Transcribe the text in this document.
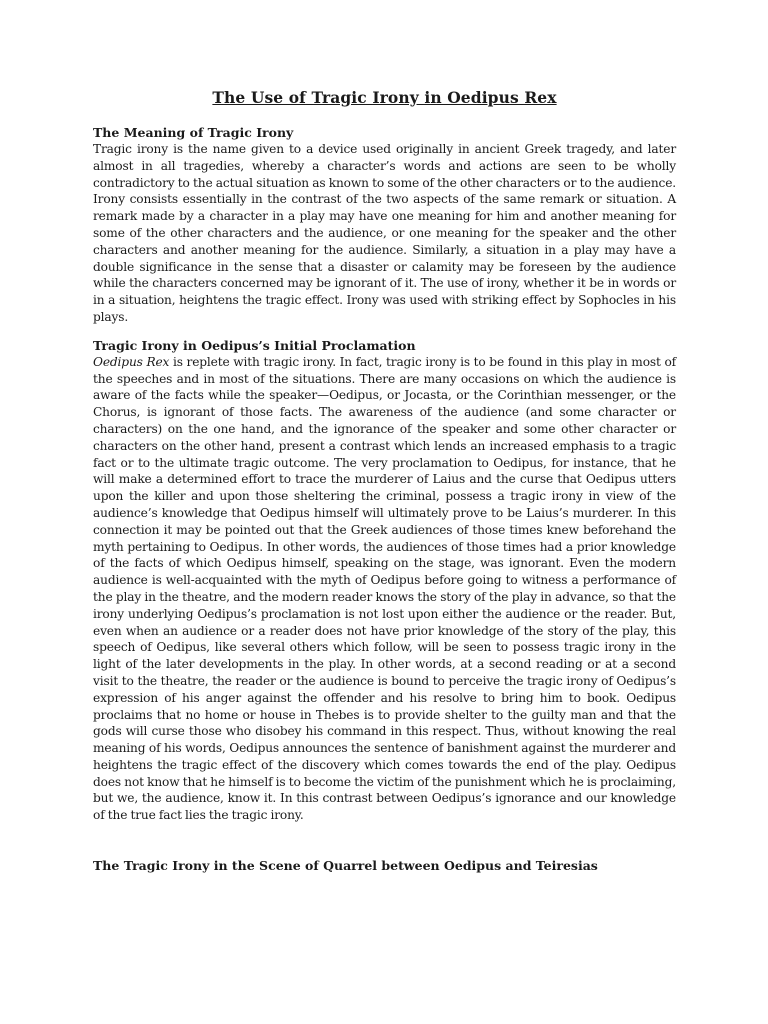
The Use of Tragic Irony in Oedipus Rex
The Meaning of Tragic Irony

Tragic irony is the name given to a device used originally in ancient Greek tragedy, and later almost in all tragedies, whereby a character’s words and actions are seen to be wholly contradictory to the actual situation as known to some of the other characters or to the audience. Irony consists essentially in the contrast of the two aspects of the same remark or situation. A remark made by a character in a play may have one meaning for him and another meaning for some of the other characters and the audience, or one meaning for the speaker and the other characters and another meaning for the audience. Similarly, a situation in a play may have a double significance in the sense that a disaster or calamity may be foreseen by the audience while the characters concerned may be ignorant of it. The use of irony, whether it be in words or in a situation, heightens the tragic effect. Irony was used with striking effect by Sophocles in his plays.

Tragic Irony in Oedipus’s Initial Proclamation

Oedipus Rex is replete with tragic irony. In fact, tragic irony is to be found in this play in most of the speeches and in most of the situations. There are many occasions on which the audience is aware of the facts while the speaker—Oedipus, or Jocasta, or the Corinthian messenger, or the Chorus, is ignorant of those facts. The awareness of the audience (and some character or characters) on the one hand, and the ignorance of the speaker and some other character or characters on the other hand, present a contrast which lends an increased emphasis to a tragic fact or to the ultimate tragic outcome. The very proclamation to Oedipus, for instance, that he will make a determined effort to trace the murderer of Laius and the curse that Oedipus utters upon the killer and upon those sheltering the criminal, possess a tragic irony in view of the audience’s knowledge that Oedipus himself will ultimately prove to be Laius’s murderer. In this connection it may be pointed out that the Greek audiences of those times knew beforehand the myth pertaining to Oedipus. In other words, the audiences of those times had a prior knowledge of the facts of which Oedipus himself, speaking on the stage, was ignorant. Even the modern audience is well-acquainted with the myth of Oedipus before going to witness a performance of the play in the theatre, and the modern reader knows the story of the play in advance, so that the irony underlying Oedipus’s proclamation is not lost upon either the audience or the reader. But, even when an audience or a reader does not have prior knowledge of the story of the play, this speech of Oedipus, like several others which follow, will be seen to possess tragic irony in the light of the later developments in the play. In other words, at a second reading or at a second visit to the theatre, the reader or the audience is bound to perceive the tragic irony of Oedipus’s expression of his anger against the offender and his resolve to bring him to book. Oedipus proclaims that no home or house in Thebes is to provide shelter to the guilty man and that the gods will curse those who disobey his command in this respect. Thus, without knowing the real meaning of his words, Oedipus announces the sentence of banishment against the murderer and heightens the tragic effect of the discovery which comes towards the end of the play. Oedipus does not know that he himself is to become the victim of the punishment which he is proclaiming, but we, the audience, know it. In this contrast between Oedipus’s ignorance and our knowledge of the true fact lies the tragic irony.

The Tragic Irony in the Scene of Quarrel between Oedipus and Teiresias
